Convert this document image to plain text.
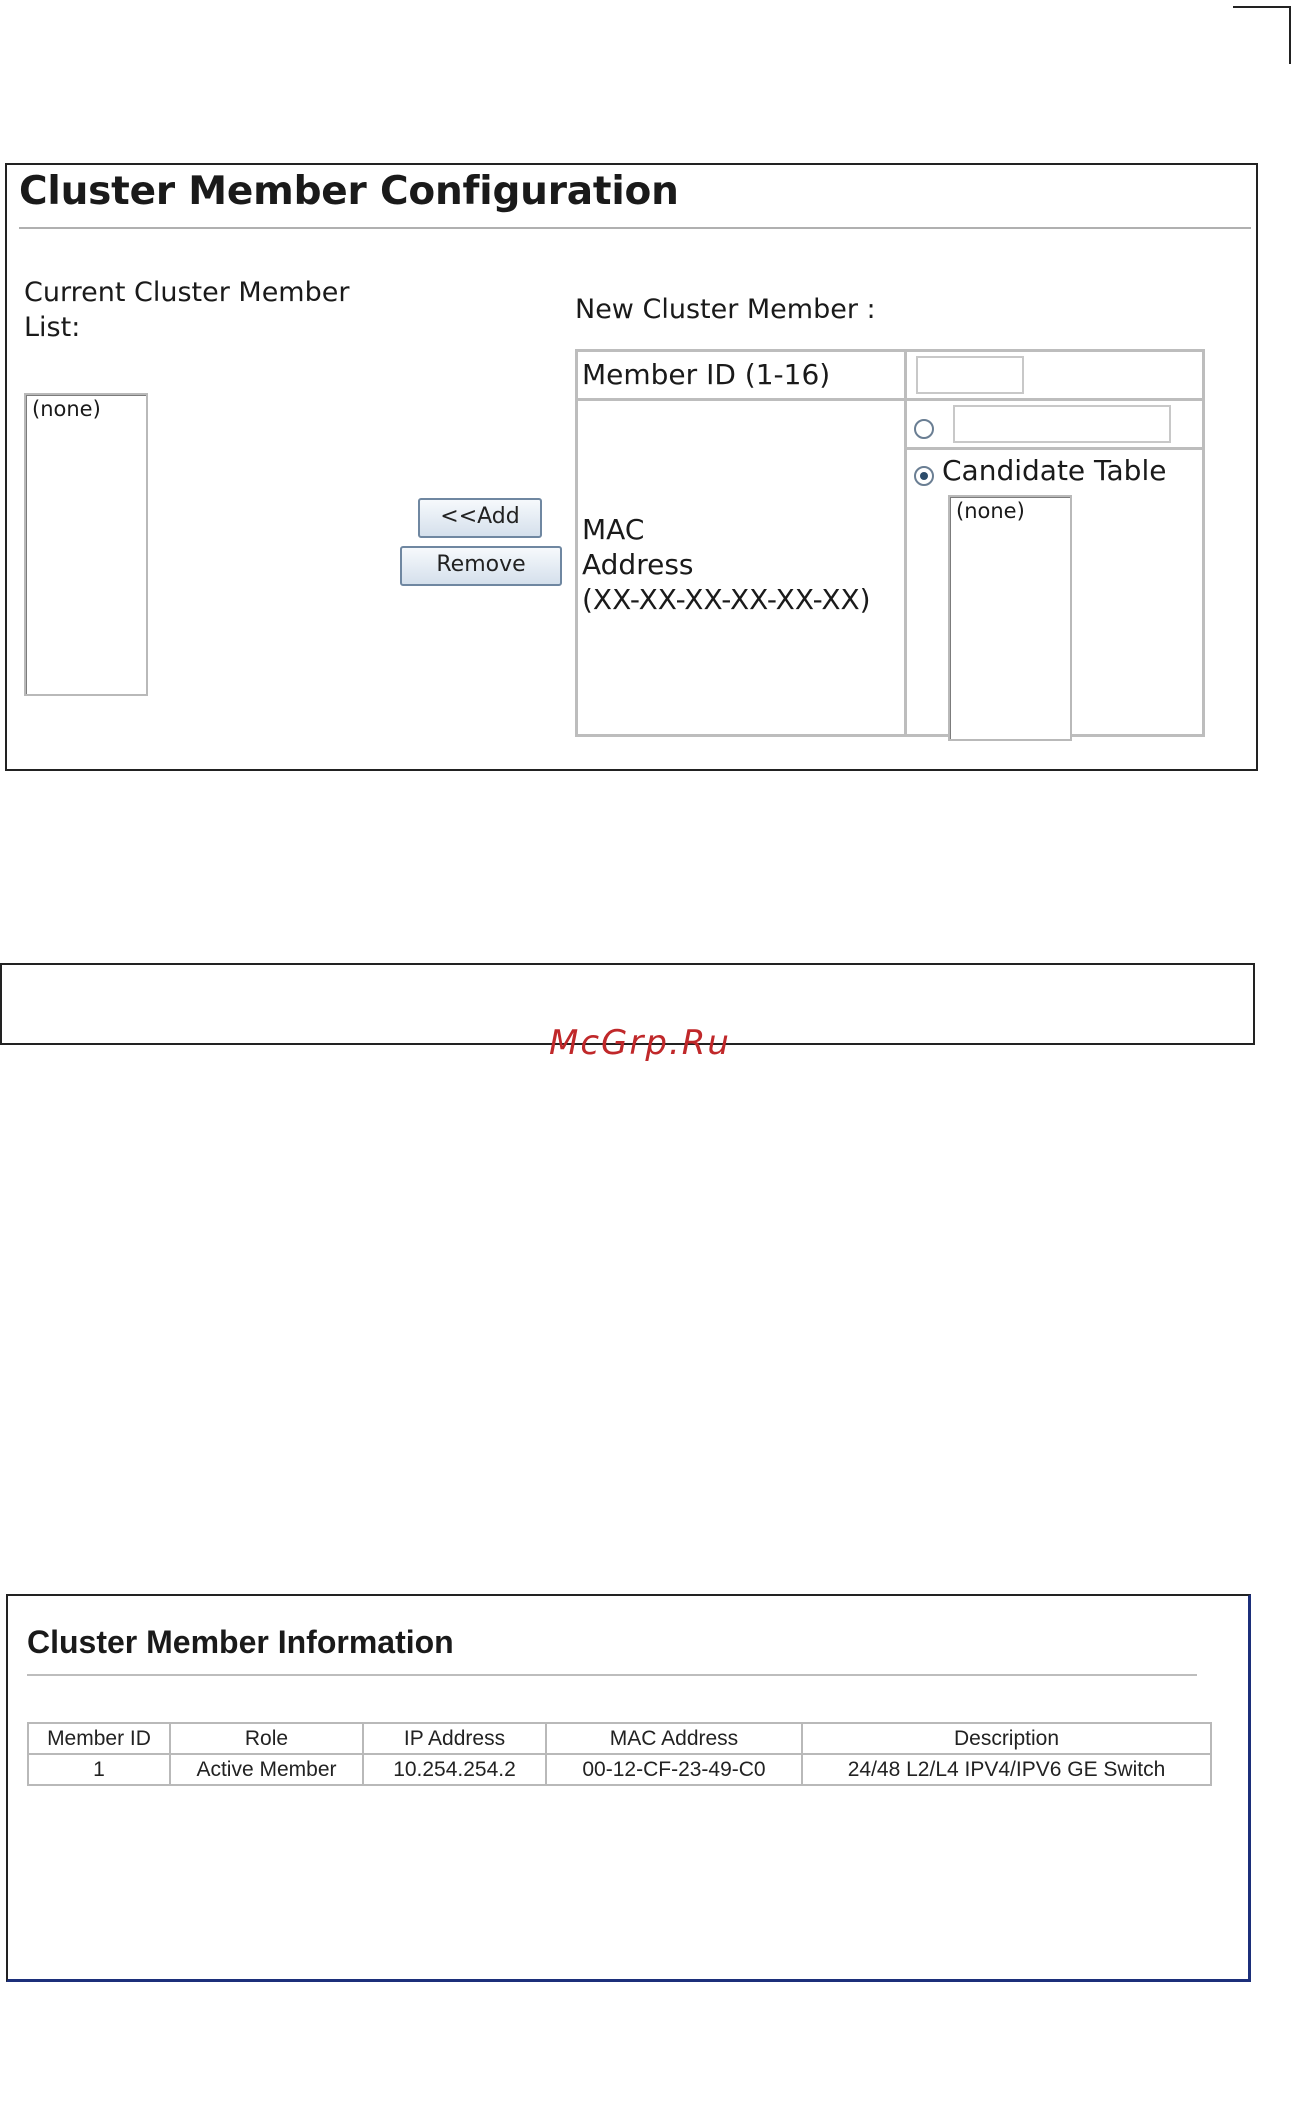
Cluster Member Configuration
Current Cluster Member List:
(none)
<<Add
Remove
New Cluster Member :
Member ID (1-16)
MAC
Address
(XX-XX-XX-XX-XX-XX)
Candidate Table
(none)
McGrp.Ru
Cluster Member Information
Member ID	Role	IP Address	MAC Address	Description
1	Active Member	10.254.254.2	00-12-CF-23-49-C0	24/48 L2/L4 IPV4/IPV6 GE Switch
